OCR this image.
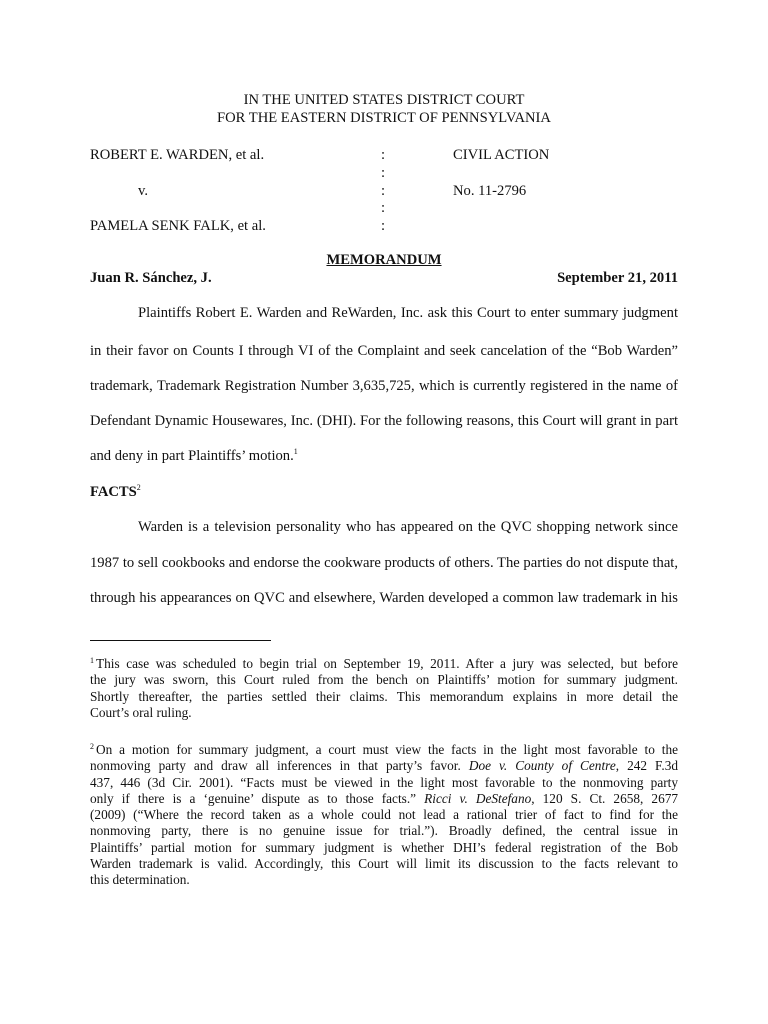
IN THE UNITED STATES DISTRICT COURT
FOR THE EASTERN DISTRICT OF PENNSYLVANIA
ROBERT E. WARDEN, et al.
v.
PAMELA SENK FALK, et al.
:
:
:
:
:
CIVIL ACTION
No. 11-2796
MEMORANDUM
Juan R. Sánchez, J.	September 21, 2011
Plaintiffs Robert E. Warden and ReWarden, Inc. ask this Court to enter summary judgment
in their favor on Counts I through VI of the Complaint and seek cancelation of the “Bob Warden”
trademark, Trademark Registration Number 3,635,725, which is currently registered in the name of
Defendant Dynamic Housewares, Inc. (DHI). For the following reasons, this Court will grant in part
and deny in part Plaintiffs’ motion.$^1$
FACTS$^2$
Warden is a television personality who has appeared on the QVC shopping network since
1987 to sell cookbooks and endorse the cookware products of others. The parties do not dispute that,
through his appearances on QVC and elsewhere, Warden developed a common law trademark in his
$^1$ This case was scheduled to begin trial on September 19, 2011. After a jury was selected, but before
the jury was sworn, this Court ruled from the bench on Plaintiffs’ motion for summary judgment.
Shortly thereafter, the parties settled their claims. This memorandum explains in more detail the
Court’s oral ruling.
$^2$ On a motion for summary judgment, a court must view the facts in the light most favorable to the
nonmoving party and draw all inferences in that party’s favor. Doe v. County of Centre, 242 F.3d
437, 446 (3d Cir. 2001). “Facts must be viewed in the light most favorable to the nonmoving party
only if there is a ‘genuine’ dispute as to those facts.” Ricci v. DeStefano, 120 S. Ct. 2658, 2677
(2009) (“Where the record taken as a whole could not lead a rational trier of fact to find for the
nonmoving party, there is no genuine issue for trial.”). Broadly defined, the central issue in
Plaintiffs’ partial motion for summary judgment is whether DHI’s federal registration of the Bob
Warden trademark is valid. Accordingly, this Court will limit its discussion to the facts relevant to
this determination.
